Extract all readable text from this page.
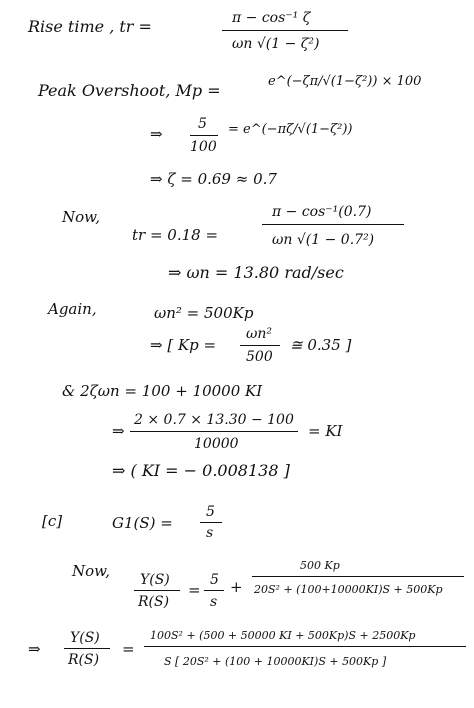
Rise time , tr =	π − cos⁻¹ ζ
ωn √(1 − ζ²)
Peak Overshoot, Mp =	e^(−ζπ/√(1−ζ²)) × 100
⇒
5
100
= e^(−πζ/√(1−ζ²))
⇒ ζ = 0.69 ≈ 0.7
Now,
tr = 0.18 =
π − cos⁻¹(0.7)
ωn √(1 − 0.7²)
⇒ ωn = 13.80 rad/sec
Again,	ωn² = 500Kp
⇒ [ Kp =
ωn²
500
≅ 0.35 ]
& 2ζωn = 100 + 10000 KI
⇒
2 × 0.7 × 13.30 − 100
10000
= KI
⇒ ( KI = − 0.008138 ]
[c]	G1(S) =
5
s
Now, Y(S)
R(S)
=
5
s
+
500 Kp
20S² + (100+10000KI)S + 500Kp
⇒
Y(S)
R(S)
=
100S² + (500 + 50000 KI + 500Kp)S + 2500Kp
S [ 20S² + (100 + 10000KI)S + 500Kp ]
